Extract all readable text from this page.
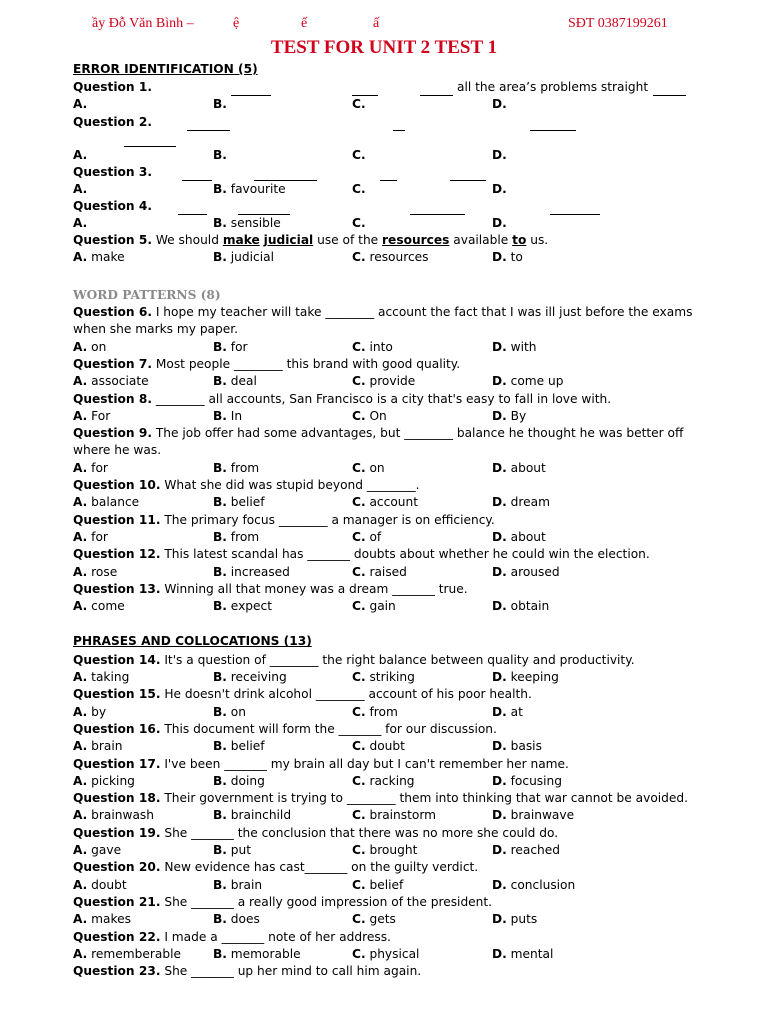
ầy Đỗ Văn Bình –	ệ	ế	ấ	SĐT 0387199261
TEST FOR UNIT 2 TEST 1
ERROR IDENTIFICATION (5)
Question 1.	all the area’s problems straight
A.	B.	C.	D.
Question 2.
A.	B.	C.	D.
Question 3.
A.	B. favourite	C.	D.
Question 4.
A.	B. sensible	C.	D.
Question 5. We should make judicial use of the resources available to us.
A. make	B. judicial	C. resources	D. to
WORD PATTERNS (8)
Question 6. I hope my teacher will take ________ account the fact that I was ill just before the exams
when she marks my paper.
A. on	B. for	C. into	D. with
Question 7. Most people ________ this brand with good quality.
A. associate	B. deal	C. provide	D. come up
Question 8. ________ all accounts, San Francisco is a city that's easy to fall in love with.
A. For	B. In	C. On	D. By
Question 9. The job offer had some advantages, but ________ balance he thought he was better off
where he was.
A. for	B. from	C. on	D. about
Question 10. What she did was stupid beyond ________.
A. balance	B. belief	C. account	D. dream
Question 11. The primary focus ________ a manager is on efficiency.
A. for	B. from	C. of	D. about
Question 12. This latest scandal has _______ doubts about whether he could win the election.
A. rose	B. increased	C. raised	D. aroused
Question 13. Winning all that money was a dream _______ true.
A. come	B. expect	C. gain	D. obtain
PHRASES AND COLLOCATIONS (13)
Question 14. It's a question of ________ the right balance between quality and productivity.
A. taking	B. receiving	C. striking	D. keeping
Question 15. He doesn't drink alcohol ________ account of his poor health.
A. by	B. on	C. from	D. at
Question 16. This document will form the _______ for our discussion.
A. brain	B. belief	C. doubt	D. basis
Question 17. I've been _______ my brain all day but I can't remember her name.
A. picking	B. doing	C. racking	D. focusing
Question 18. Their government is trying to ________ them into thinking that war cannot be avoided.
A. brainwash	B. brainchild	C. brainstorm	D. brainwave
Question 19. She _______ the conclusion that there was no more she could do.
A. gave	B. put	C. brought	D. reached
Question 20. New evidence has cast_______ on the guilty verdict.
A. doubt	B. brain	C. belief	D. conclusion
Question 21. She _______ a really good impression of the president.
A. makes	B. does	C. gets	D. puts
Question 22. I made a _______ note of her address.
A. rememberable	B. memorable	C. physical	D. mental
Question 23. She _______ up her mind to call him again.
